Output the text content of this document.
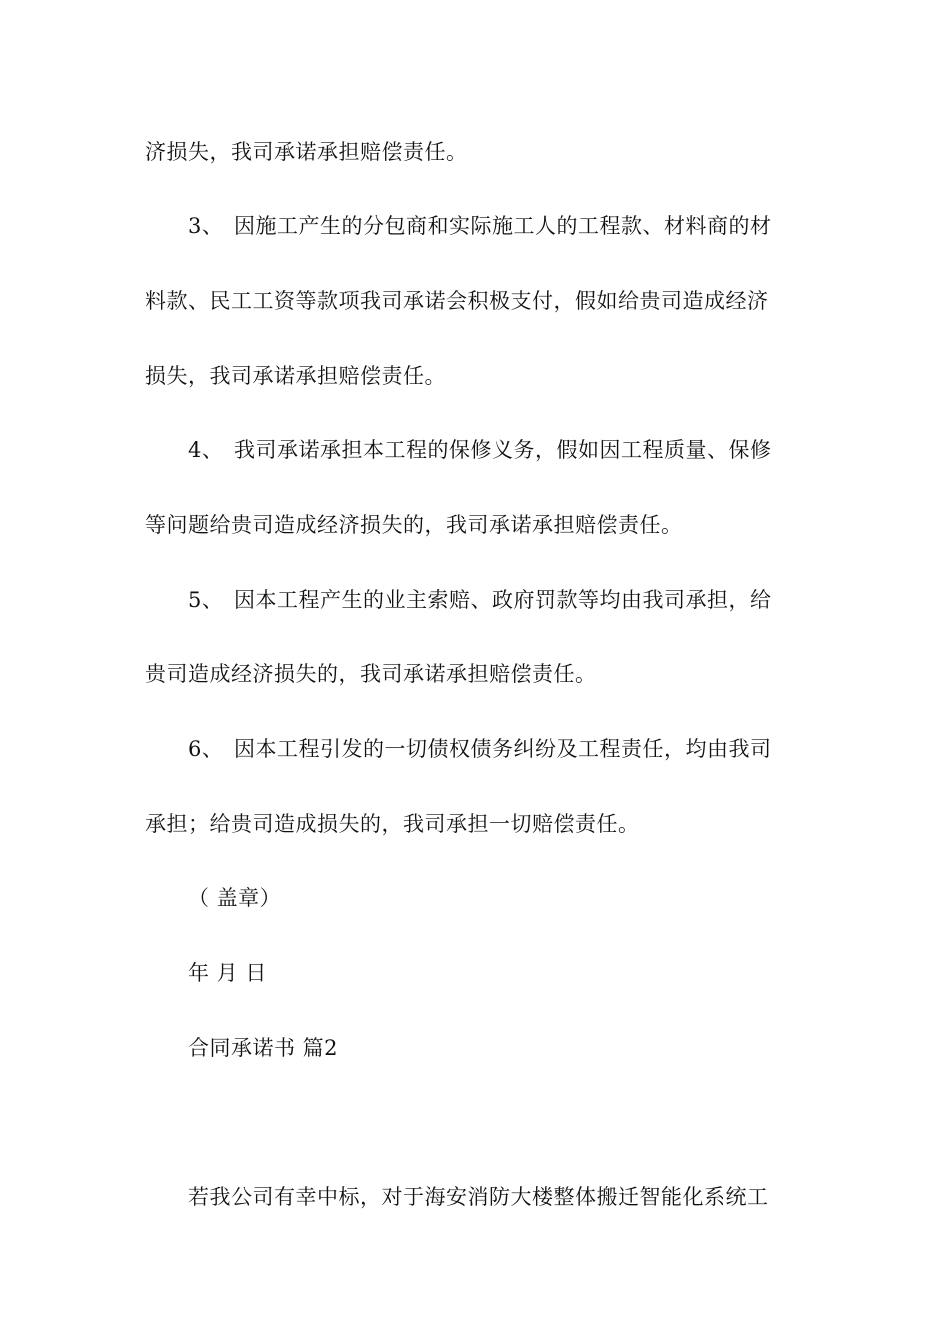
济损失，我司承诺承担赔偿责任。
3、 因施工产生的分包商和实际施工人的工程款、材料商的材
料款、民工工资等款项我司承诺会积极支付，假如给贵司造成经济
损失，我司承诺承担赔偿责任。
4、 我司承诺承担本工程的保修义务，假如因工程质量、保修
等问题给贵司造成经济损失的，我司承诺承担赔偿责任。
5、 因本工程产生的业主索赔、政府罚款等均由我司承担，给
贵司造成经济损失的，我司承诺承担赔偿责任。
6、 因本工程引发的一切债权债务纠纷及工程责任，均由我司
承担；给贵司造成损失的，我司承担一切赔偿责任。
（ 盖章）
年 月 日
合同承诺书 篇2
若我公司有幸中标，对于海安消防大楼整体搬迁智能化系统工
